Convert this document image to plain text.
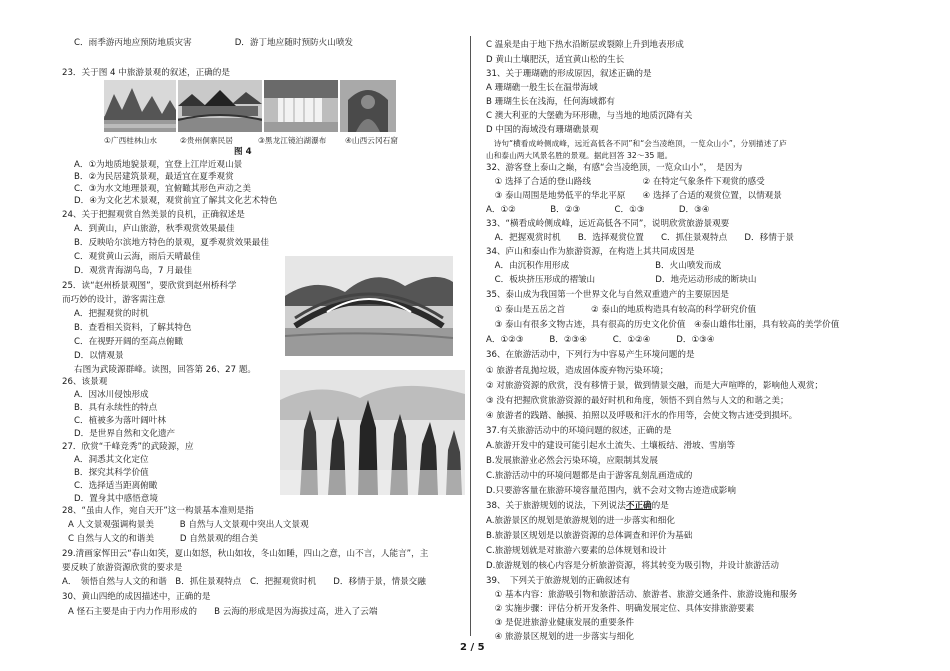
C．雨季游丙地应预防地质灾害　　　　　D．游丁地应随时预防火山喷发
23．关于图 4 中旅游景观的叙述，正确的是
①广西桂林山水	②贵州侗寨民居	③黑龙江镜泊湖瀑布 ④山西云冈石窟
图 4
A．①为地质地貌景观，宜登上江岸近观山景
B．②为民居建筑景观，最适宜在夏季观赏
C．③为水文地理景观，宜俯瞰其形色声动之美
D．④为文化艺术景观，观赏前宜了解其文化艺术特色
24、关于把握观赏自然美景的良机，正确叙述是
A．到黄山，庐山旅游，秋季观赏效果最佳
B．反映哈尔滨地方特色的景观，夏季观赏效果最佳
C．观赏黄山云海，雨后天晴最佳
D．观赏青海湖鸟岛，7 月最佳
25．读“赵州桥景观图”，要欣赏到赵州桥科学
而巧妙的设计，游客需注意
A．把握观赏的时机
B．查看相关资料，了解其特色
C．在视野开阔的至高点俯瞰
D．以情观景
右图为武陵源群峰。读图，回答第 26、27 题。
26、该景观
A．因冰川侵蚀形成
B．具有永续性的特点
C．植被多为落叶阔叶林
D．是世界自然和文化遗产
27．欣赏“千峰竞秀”的武陵源，应
A．洞悉其文化定位
B．探究其科学价值
C．选择适当距离俯瞰
D．置身其中感悟意境
28、“虽由人作，宛自天开”这一构景基本准则是指
A 人文景观强调构景美　　　B 自然与人文景观中突出人文景观
C 自然与人文的和谐美　　　D 自然景观的组合美
29.清画家恽田云“春山如笑，夏山如怒，秋山如妆，冬山如睡，四山之意，山不言，人能言”，主
要反映了旅游资源欣赏的要求是
A．　领悟自然与人文的和谐　B．抓住景观特点　C．把握观赏时机　　D．移情于景，情景交融
30、黄山四绝的成因描述中，正确的是
A 怪石主要是由于内力作用形成的　　B 云海的形成是因为海拔过高，进入了云端
C 温泉是由于地下热水沿断层或裂隙上升到地表形成
D 黄山土壤肥沃，适宜黄山松的生长
31、关于珊瑚礁的形成原因，叙述正确的是
A 珊瑚礁一般生长在温带海域
B 珊瑚生长在浅海，任何海域都有
C 澳大利亚的大堡礁为环形礁，与当地的地质沉降有关
D 中国的海域没有珊瑚礁景观
　诗句“横看成岭侧成峰，远近高低各不同”和“会当凌绝顶，一览众山小”，分别描述了庐
山和泰山两大风景名胜的景观。据此回答 32～35 题。
32、游客登上泰山之巅，有感“会当凌绝顶，一览众山小”，　是因为
　① 选择了合适的登山路线　　　　　　② 在特定气象条件下观赏的感受
　③ 泰山周围是地势低平的华北平原　　④ 选择了合适的观赏位置，以情观景
A．①②　　　　B．②③　　　　C．①③　　　　D．③④
33、“横看成岭侧成峰，远近高低各不同”，说明欣赏旅游景观要
　A．把握观赏时机　　B．选择观赏位置　　C．抓住景观特点　　D．移情于景
34、庐山和泰山作为旅游资源，在构造上其共同成因是
　A．由沉积作用形成　　　　　　　　　　B．火山喷发而成
　C．板块挤压形成的褶皱山　　　　　　　D．地壳运动形成的断块山
35、泰山成为我国第一个世界文化与自然双重遗产的主要原因是
　① 泰山是五岳之首　　　② 泰山的地质构造具有较高的科学研究价值
　③ 泰山有很多文物古迹，具有很高的历史文化价值　④泰山雄伟壮丽，具有较高的美学价值
A．①②③　　　B．②③④　　　C．①②④　　　D．①③④
36、在旅游活动中，下列行为中容易产生环境问题的是
① 旅游者乱抛垃圾，造成固体废弃物污染环境；
② 对旅游资源的欣赏，没有移情于景，做到情景交融，而是大声喧哗的，影响他人观赏；
③ 没有把握欣赏旅游资源的最好时机和角度，领悟不到自然与人文的和谐之美；
④ 旅游者的践踏、触摸、拍照以及呼吸和汗水的作用等，会使文物古迹受到损坏。
37.有关旅游活动中的环境问题的叙述，正确的是
A.旅游开发中的建设可能引起水土流失、土壤板结、滑坡、雪崩等
B.发展旅游业必然会污染环境，应限制其发展
C.旅游活动中的环境问题都是由于游客乱刻乱画造成的
D.只要游客量在旅游环境容量范围内，就不会对文物古迹造成影响
38、关于旅游规划的说法，下列说法不正确的是
A.旅游景区的规划是旅游规划的进一步落实和细化
B.旅游景区规划是以旅游资源的总体调查和评价为基础
C.旅游规划就是对旅游六要素的总体规划和设计
D.旅游规划的核心内容是分析旅游资源，将其转变为吸引物，并设计旅游活动
39、　下列关于旅游规划的正确叙述有
　① 基本内容：旅游吸引物和旅游活动、旅游者、旅游交通条件、旅游设施和服务
　② 实施步骤：评估分析开发条件、明确发展定位、具体安排旅游要素
　③ 是促进旅游业健康发展的重要条件
　④ 旅游景区规划的进一步落实与细化
2 / 5
